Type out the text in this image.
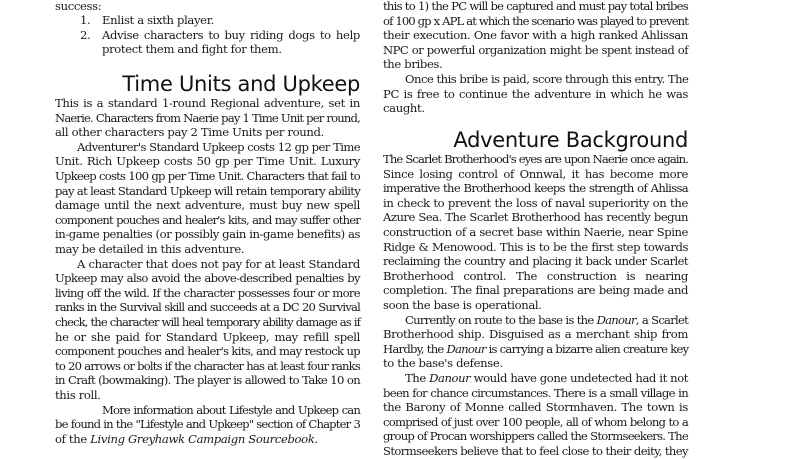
success:
1. Enlist a sixth player.
2. Advise characters to buy riding dogs to help
protect them and fight for them.
Time Units and Upkeep
This is a standard 1-round Regional adventure, set in
Naerie. Characters from Naerie pay 1 Time Unit per round,
all other characters pay 2 Time Units per round.
Adventurer's Standard Upkeep costs 12 gp per Time
Unit. Rich Upkeep costs 50 gp per Time Unit. Luxury
Upkeep costs 100 gp per Time Unit. Characters that fail to
pay at least Standard Upkeep will retain temporary ability
damage until the next adventure, must buy new spell
component pouches and healer's kits, and may suffer other
in-game penalties (or possibly gain in-game benefits) as
may be detailed in this adventure.
A character that does not pay for at least Standard
Upkeep may also avoid the above-described penalties by
living off the wild. If the character possesses four or more
ranks in the Survival skill and succeeds at a DC 20 Survival
check, the character will heal temporary ability damage as if
he or she paid for Standard Upkeep, may refill spell
component pouches and healer's kits, and may restock up
to 20 arrows or bolts if the character has at least four ranks
in Craft (bowmaking). The player is allowed to Take 10 on
this roll.
More information about Lifestyle and Upkeep can
be found in the "Lifestyle and Upkeep" section of Chapter 3
of the Living Greyhawk Campaign Sourcebook.
this to 1) the PC will be captured and must pay total bribes
of 100 gp x APL at which the scenario was played to prevent
their execution. One favor with a high ranked Ahlissan
NPC or powerful organization might be spent instead of
the bribes.
Once this bribe is paid, score through this entry. The
PC is free to continue the adventure in which he was
caught.
Adventure Background
The Scarlet Brotherhood's eyes are upon Naerie once again.
Since losing control of Onnwal, it has become more
imperative the Brotherhood keeps the strength of Ahlissa
in check to prevent the loss of naval superiority on the
Azure Sea. The Scarlet Brotherhood has recently begun
construction of a secret base within Naerie, near Spine
Ridge & Menowood. This is to be the first step towards
reclaiming the country and placing it back under Scarlet
Brotherhood control. The construction is nearing
completion. The final preparations are being made and
soon the base is operational.
Currently on route to the base is the Danour, a Scarlet
Brotherhood ship. Disguised as a merchant ship from
Hardby, the Danour is carrying a bizarre alien creature key
to the base's defense.
The Danour would have gone undetected had it not
been for chance circumstances. There is a small village in
the Barony of Monne called Stormhaven. The town is
comprised of just over 100 people, all of whom belong to a
group of Procan worshippers called the Stormseekers. The
Stormseekers believe that to feel close to their deity, they
